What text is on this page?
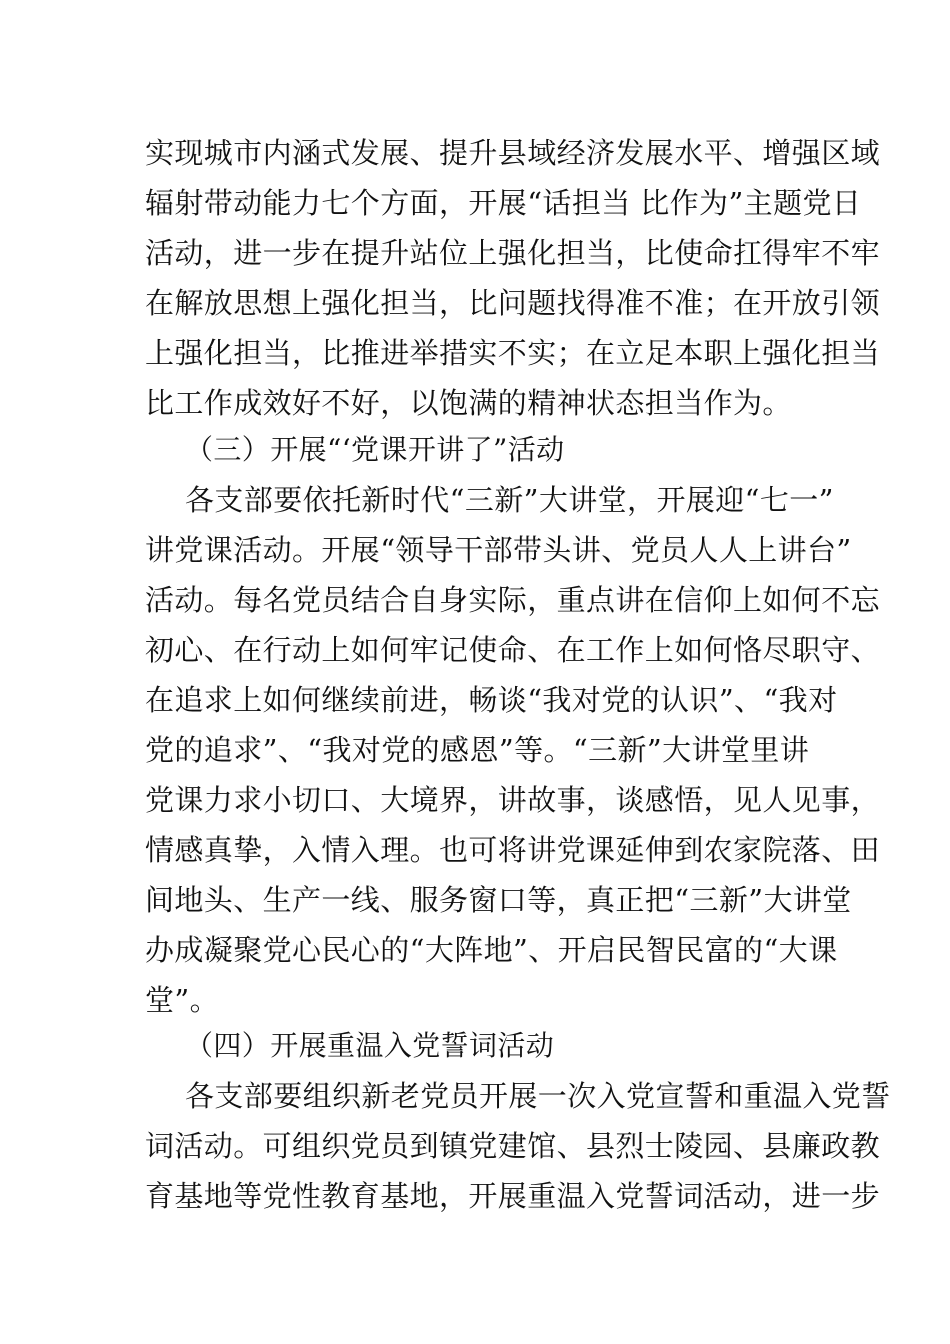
实现城市内涵式发展、提升县域经济发展水平、增强区域
辐射带动能力七个方面，开展“话担当 比作为”主题党日
活动，进一步在提升站位上强化担当，比使命扛得牢不牢
在解放思想上强化担当，比问题找得准不准；在开放引领
上强化担当，比推进举措实不实；在立足本职上强化担当
比工作成效好不好，以饱满的精神状态担当作为。
（三）开展“‘党课开讲了”活动
各支部要依托新时代“三新”大讲堂，开展迎“七一”
讲党课活动。开展“领导干部带头讲、党员人人上讲台”
活动。每名党员结合自身实际，重点讲在信仰上如何不忘
初心、在行动上如何牢记使命、在工作上如何恪尽职守、
在追求上如何继续前进，畅谈“我对党的认识”、“我对
党的追求”、“我对党的感恩”等。“三新”大讲堂里讲
党课力求小切口、大境界，讲故事，谈感悟，见人见事，
情感真挚，入情入理。也可将讲党课延伸到农家院落、田
间地头、生产一线、服务窗口等，真正把“三新”大讲堂
办成凝聚党心民心的“大阵地”、开启民智民富的“大课
堂”。
（四）开展重温入党誓词活动
各支部要组织新老党员开展一次入党宣誓和重温入党誓
词活动。可组织党员到镇党建馆、县烈士陵园、县廉政教
育基地等党性教育基地，开展重温入党誓词活动，进一步
